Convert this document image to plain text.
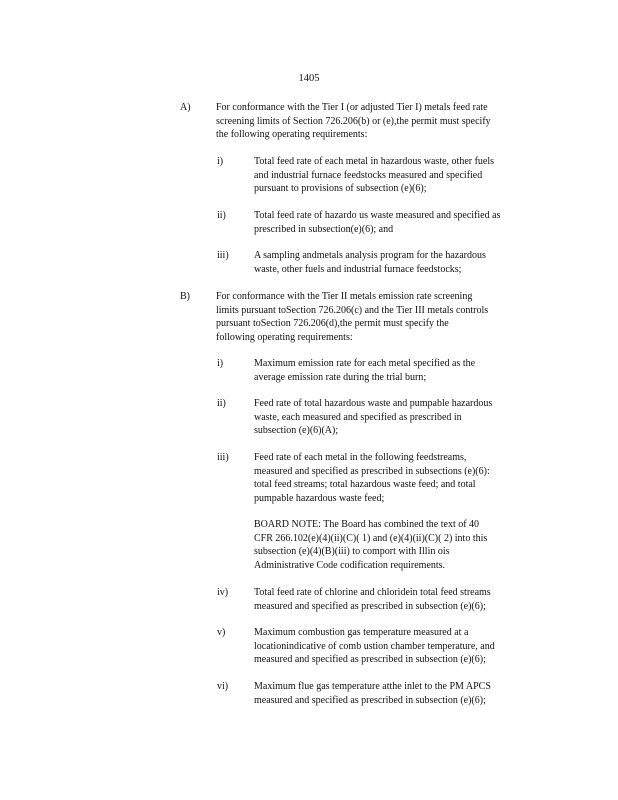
1405
A)	For conformance with the Tier I (or adjusted Tier I) metals feed rate
screening limits of Section 726.206(b) or (e),the permit must specify
the following operating requirements:
i)	Total feed rate of each metal in hazardous waste, other fuels
and industrial furnace feedstocks measured and specified
pursuant to provisions of subsection (e)(6);
ii)	Total feed rate of hazardo us waste measured and specified as
prescribed in subsection(e)(6); and
iii)	A sampling andmetals analysis program for the hazardous
waste, other fuels and industrial furnace feedstocks;
B)	For conformance with the Tier II metals emission rate screening
limits pursuant toSection 726.206(c) and the Tier III metals controls
pursuant toSection 726.206(d),the permit must specify the
following operating requirements:
i)	Maximum emission rate for each metal specified as the
average emission rate during the trial burn;
ii)	Feed rate of total hazardous waste and pumpable hazardous
waste, each measured and specified as prescribed in
subsection (e)(6)(A);
iii)	Feed rate of each metal in the following feedstreams,
measured and specified as prescribed in subsections (e)(6):
total feed streams; total hazardous waste feed; and total
pumpable hazardous waste feed;
BOARD NOTE: The Board has combined the text of 40
CFR 266.102(e)(4)(ii)(C)( 1) and (e)(4)(ii)(C)( 2) into this
subsection (e)(4)(B)(iii) to comport with Illin ois
Administrative Code codification requirements.
iv)	Total feed rate of chlorine and chloridein total feed streams
measured and specified as prescribed in subsection (e)(6);
v)	Maximum combustion gas temperature measured at a
locationindicative of comb ustion chamber temperature, and
measured and specified as prescribed in subsection (e)(6);
vi)	Maximum flue gas temperature atthe inlet to the PM APCS
measured and specified as prescribed in subsection (e)(6);
